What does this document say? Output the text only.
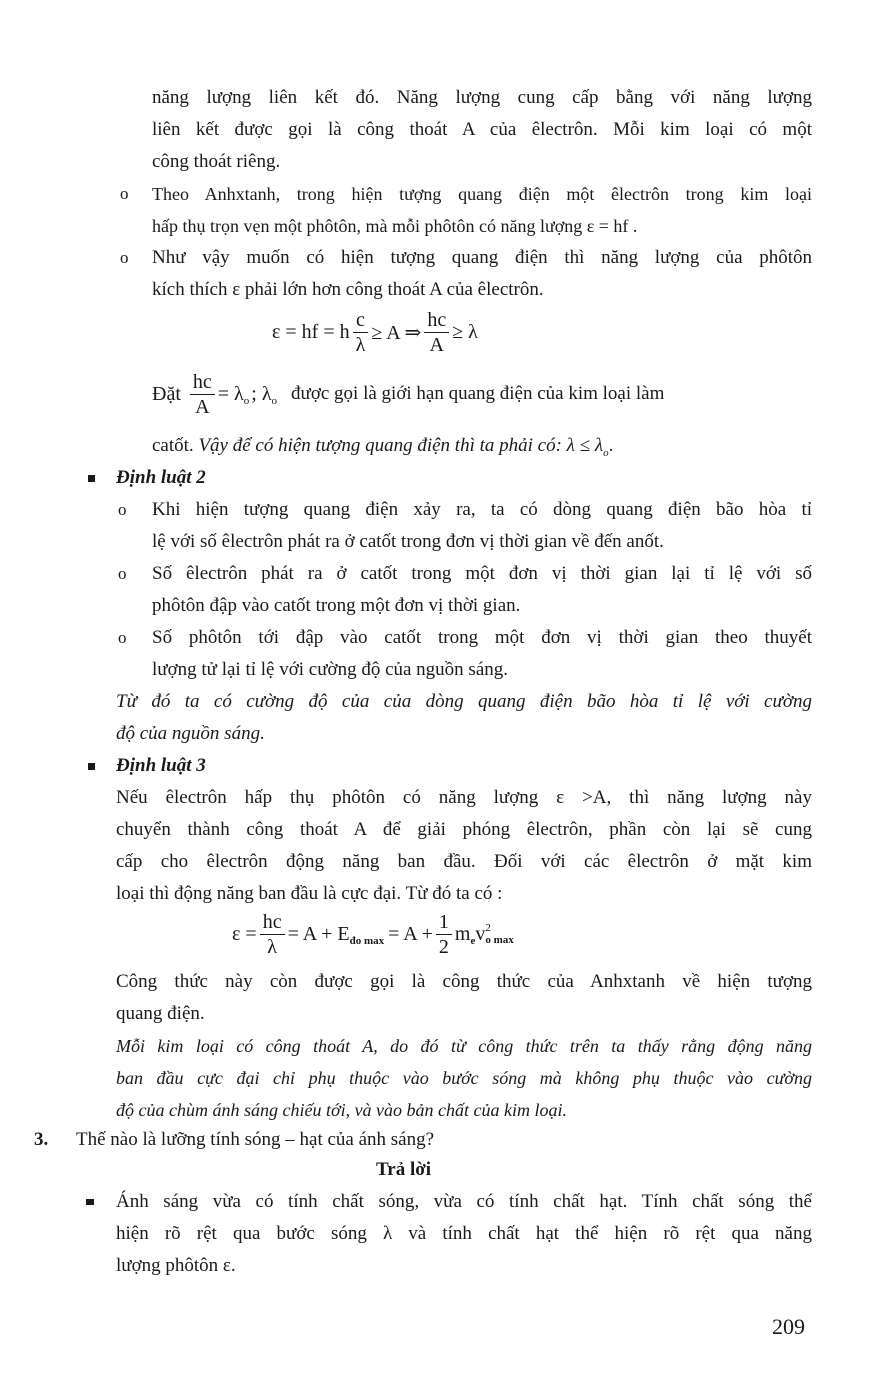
năng lượng liên kết đó. Năng lượng cung cấp bằng với năng lượng
liên kết được gọi là công thoát A của êlectrôn. Mỗi kim loại có một
công thoát riêng.
o Theo Anhxtanh, trong hiện tượng quang điện một êlectrôn trong kim loại
hấp thụ trọn vẹn một phôtôn, mà mỗi phôtôn có năng lượng ε = hf .
o Như vậy muốn có hiện tượng quang điện thì năng lượng của phôtôn
kích thích ε phải lớn hơn công thoát A của êlectrôn.
ε = hf = h $\frac{c}{\lambda} \ge A$ ⇒ $\frac{hc}{A} \ge \lambda$
Đặt $\frac{hc}{A} = \lambda$ o ; λ o được gọi là giới hạn quang điện của kim loại làm
catốt. Vậy để có hiện tượng quang điện thì ta phải có: $\lambda \le \lambda_o$.
Định luật 2
o Khi hiện tượng quang điện xảy ra, ta có dòng quang điện bão hòa tỉ
lệ với số êlectrôn phát ra ở catốt trong đơn vị thời gian về đến anốt.
o Số êlectrôn phát ra ở catốt trong một đơn vị thời gian lại tỉ lệ với số
phôtôn đập vào catốt trong một đơn vị thời gian.
o Số phôtôn tới đập vào catốt trong một đơn vị thời gian theo thuyết
lượng tử lại tỉ lệ với cường độ của nguồn sáng.
Từ đó ta có cường độ của của dòng quang điện bão hòa tỉ lệ với cường
độ của nguồn sáng.
Định luật 3
Nếu êlectrôn hấp thụ phôtôn có năng lượng ε >A, thì năng lượng này
chuyển thành công thoát A để giải phóng êlectrôn, phần còn lại sẽ cung
cấp cho êlectrôn động năng ban đầu. Đối với các êlectrôn ở mặt kim
loại thì động năng ban đầu là cực đại. Từ đó ta có :
$\varepsilon = \frac{hc}{\lambda} = A + E$ đo $\max = A + \frac{1}{2}$ m e v 2
o max
Công thức này còn được gọi là công thức của Anhxtanh về hiện tượng
quang điện.
Mỗi kim loại có công thoát A, do đó từ công thức trên ta thấy rằng động năng
ban đầu cực đại chỉ phụ thuộc vào bước sóng mà không phụ thuộc vào cường
độ của chùm ánh sáng chiếu tới, và vào bản chất của kim loại.
3. Thế nào là lưỡng tính sóng – hạt của ánh sáng?
Trả lời
Ánh sáng vừa có tính chất sóng, vừa có tính chất hạt. Tính chất sóng thể
hiện rõ rệt qua bước sóng λ và tính chất hạt thể hiện rõ rệt qua năng
lượng phôtôn ε.
209
